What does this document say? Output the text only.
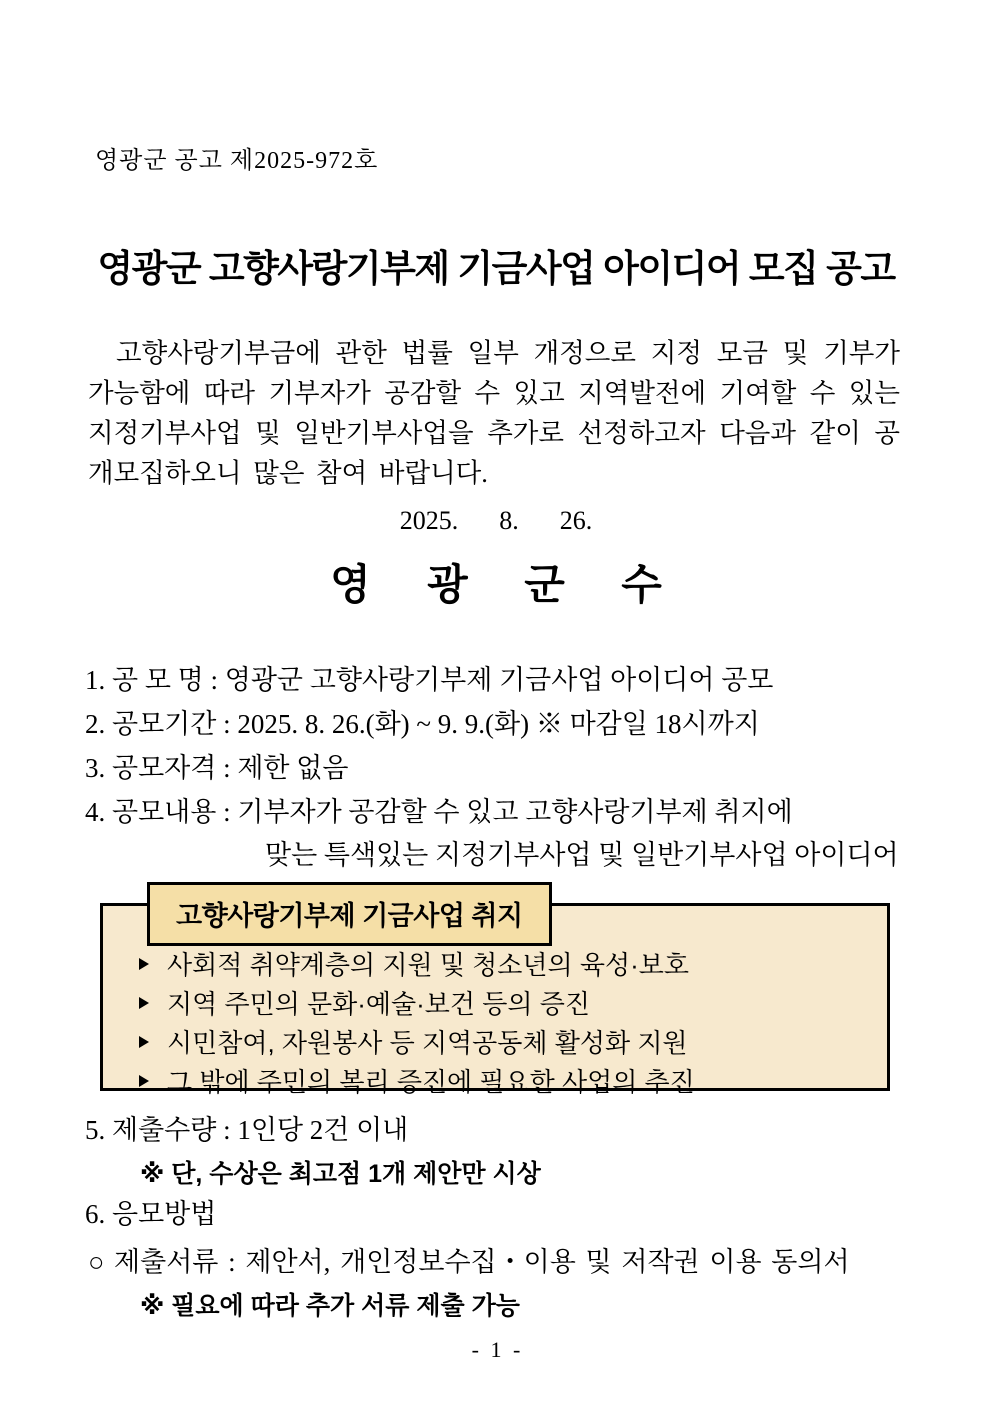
영광군 공고 제2025-972호
영광군 고향사랑기부제 기금사업 아이디어 모집 공고

고향사랑기부금에 관한 법률 일부 개정으로 지정 모금 및 기부가 가능함에 따라 기부자가 공감할 수 있고 지역발전에 기여할 수 있는 지정기부사업 및 일반기부사업을 추가로 선정하고자 다음과 같이 공개모집하오니 많은 참여 바랍니다.

2025.  8.  26.
영 광 군 수
1. 공 모 명 : 영광군 고향사랑기부제 기금사업 아이디어 공모
2. 공모기간 : 2025. 8. 26.(화) ~ 9. 9.(화) ※ 마감일 18시까지
3. 공모자격 : 제한 없음
4. 공모내용 : 기부자가 공감할 수 있고 고향사랑기부제 취지에
맞는 특색있는 지정기부사업 및 일반기부사업 아이디어
고향사랑기부제 기금사업 취지
사회적 취약계층의 지원 및 청소년의 육성·보호
지역 주민의 문화·예술·보건 등의 증진
시민참여, 자원봉사 등 지역공동체 활성화 지원
그 밖에 주민의 복리 증진에 필요한 사업의 추진
5. 제출수량 : 1인당 2건 이내
※ 단, 수상은 최고점 1개 제안만 시상
6. 응모방법
○ 제출서류 : 제안서, 개인정보수집・이용 및 저작권 이용 동의서
※ 필요에 따라 추가 서류 제출 가능
- 1 -
